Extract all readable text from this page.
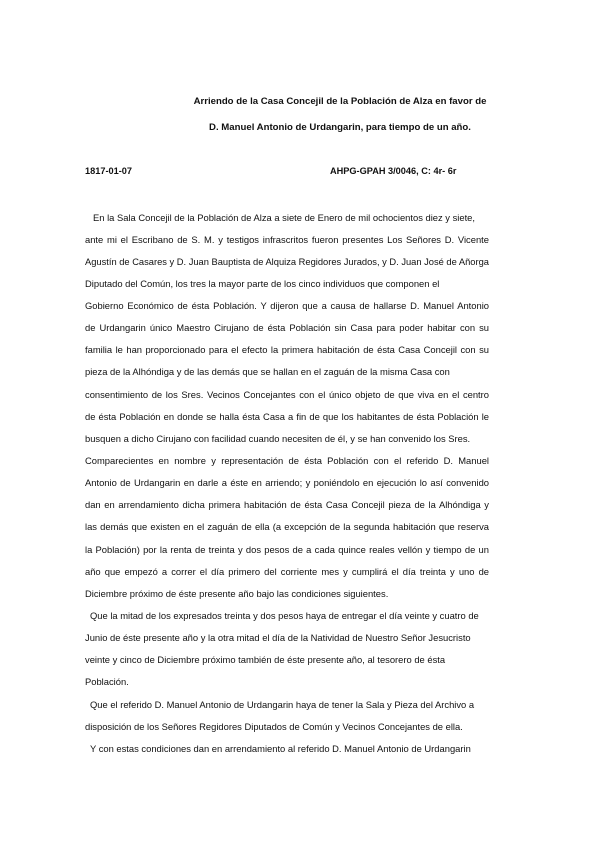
Arriendo de la Casa Concejil de la Población de Alza en favor de
D. Manuel Antonio de Urdangarin, para tiempo de un año.
1817-01-07	AHPG-GPAH 3/0046, C: 4r- 6r
En la Sala Concejil de la Población de Alza a siete de Enero de mil ochocientos diez y siete,
ante mi el Escribano de S. M. y testigos infrascritos fueron presentes Los Señores D. Vicente
Agustín de Casares y D. Juan Bauptista de Alquiza Regidores Jurados, y D. Juan José de Añorga
Diputado del Común, los tres la mayor parte de los cinco individuos que componen el
Gobierno Económico de ésta Población. Y dijeron que a causa de hallarse D. Manuel Antonio
de Urdangarin único Maestro Cirujano de ésta Población sin Casa para poder habitar con su
familia le han proporcionado para el efecto la primera habitación de ésta Casa Concejil con su
pieza de la Alhóndiga y de las demás que se hallan en el zaguán de la misma Casa con
consentimiento de los Sres. Vecinos Concejantes con el único objeto de que viva en el centro
de ésta Población en donde se halla ésta Casa a fin de que los habitantes de ésta Población le
busquen a dicho Cirujano con facilidad cuando necesiten de él, y se han convenido los Sres.
Comparecientes en nombre y representación de ésta Población con el referido D. Manuel
Antonio de Urdangarin en darle a éste en arriendo; y poniéndolo en ejecución lo así convenido
dan en arrendamiento dicha primera habitación de ésta Casa Concejil pieza de la Alhóndiga y
las demás que existen en el zaguán de ella (a excepción de la segunda habitación que reserva
la Población) por la renta de treinta y dos pesos de a cada quince reales vellón y tiempo de un
año que empezó a correr el día primero del corriente mes y cumplirá el día treinta y uno de
Diciembre próximo de éste presente año bajo las condiciones siguientes.
Que la mitad de los expresados treinta y dos pesos haya de entregar el día veinte y cuatro de
Junio de éste presente año y la otra mitad el día de la Natividad de Nuestro Señor Jesucristo
veinte y cinco de Diciembre próximo también de éste presente año, al tesorero de ésta
Población.
Que el referido D. Manuel Antonio de Urdangarin haya de tener la Sala y Pieza del Archivo a
disposición de los Señores Regidores Diputados de Común y Vecinos Concejantes de ella.
Y con estas condiciones dan en arrendamiento al referido D. Manuel Antonio de Urdangarin
